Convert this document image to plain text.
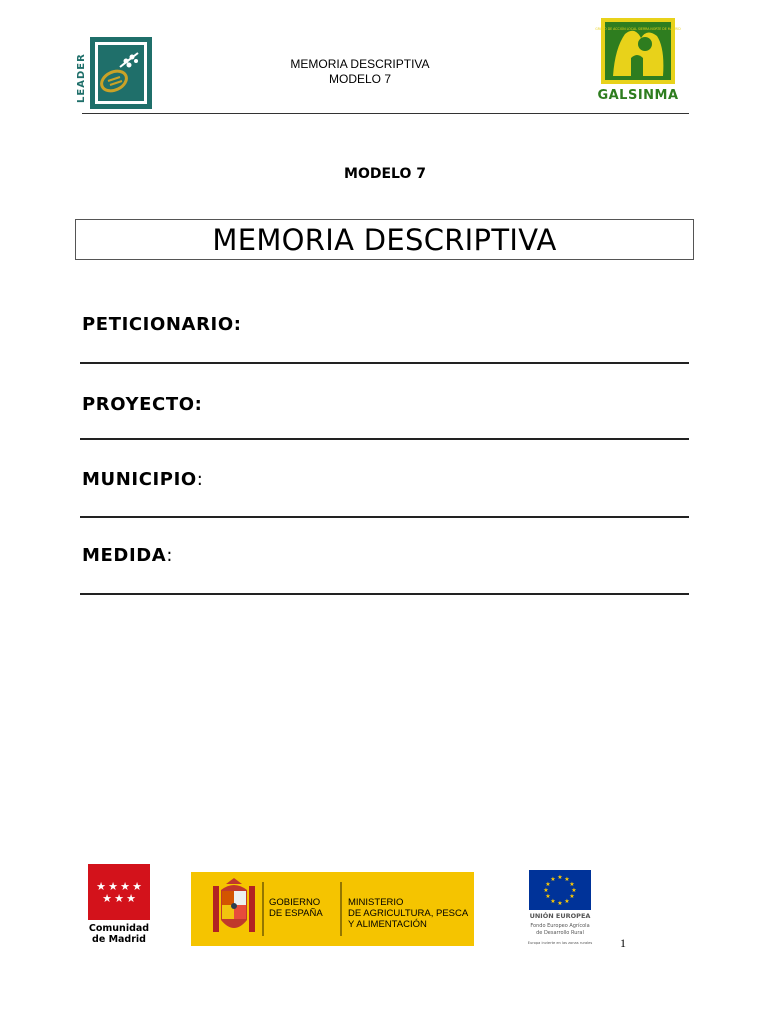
LEADER	MEMORIA DESCRIPTIVA
MODELO 7
GRUPO DE ACCIÓN LOCAL SIERRA NORTE DE MADRID
GALSINMA
MODELO 7
MEMORIA DESCRIPTIVA
PETICIONARIO:
PROYECTO:
MUNICIPIO:
MEDIDA:
★ ★ ★ ★
★ ★ ★
Comunidad
de Madrid
GOBIERNO
DE ESPAÑA
MINISTERIO
DE AGRICULTURA, PESCA
Y ALIMENTACIÓN
★ ★
★
★
★
★
★
★
★
★
★
★
UNIÓN EUROPEA
Fondo Europeo Agrícola
de Desarrollo Rural
Europa invierte en las zonas rurales 1
